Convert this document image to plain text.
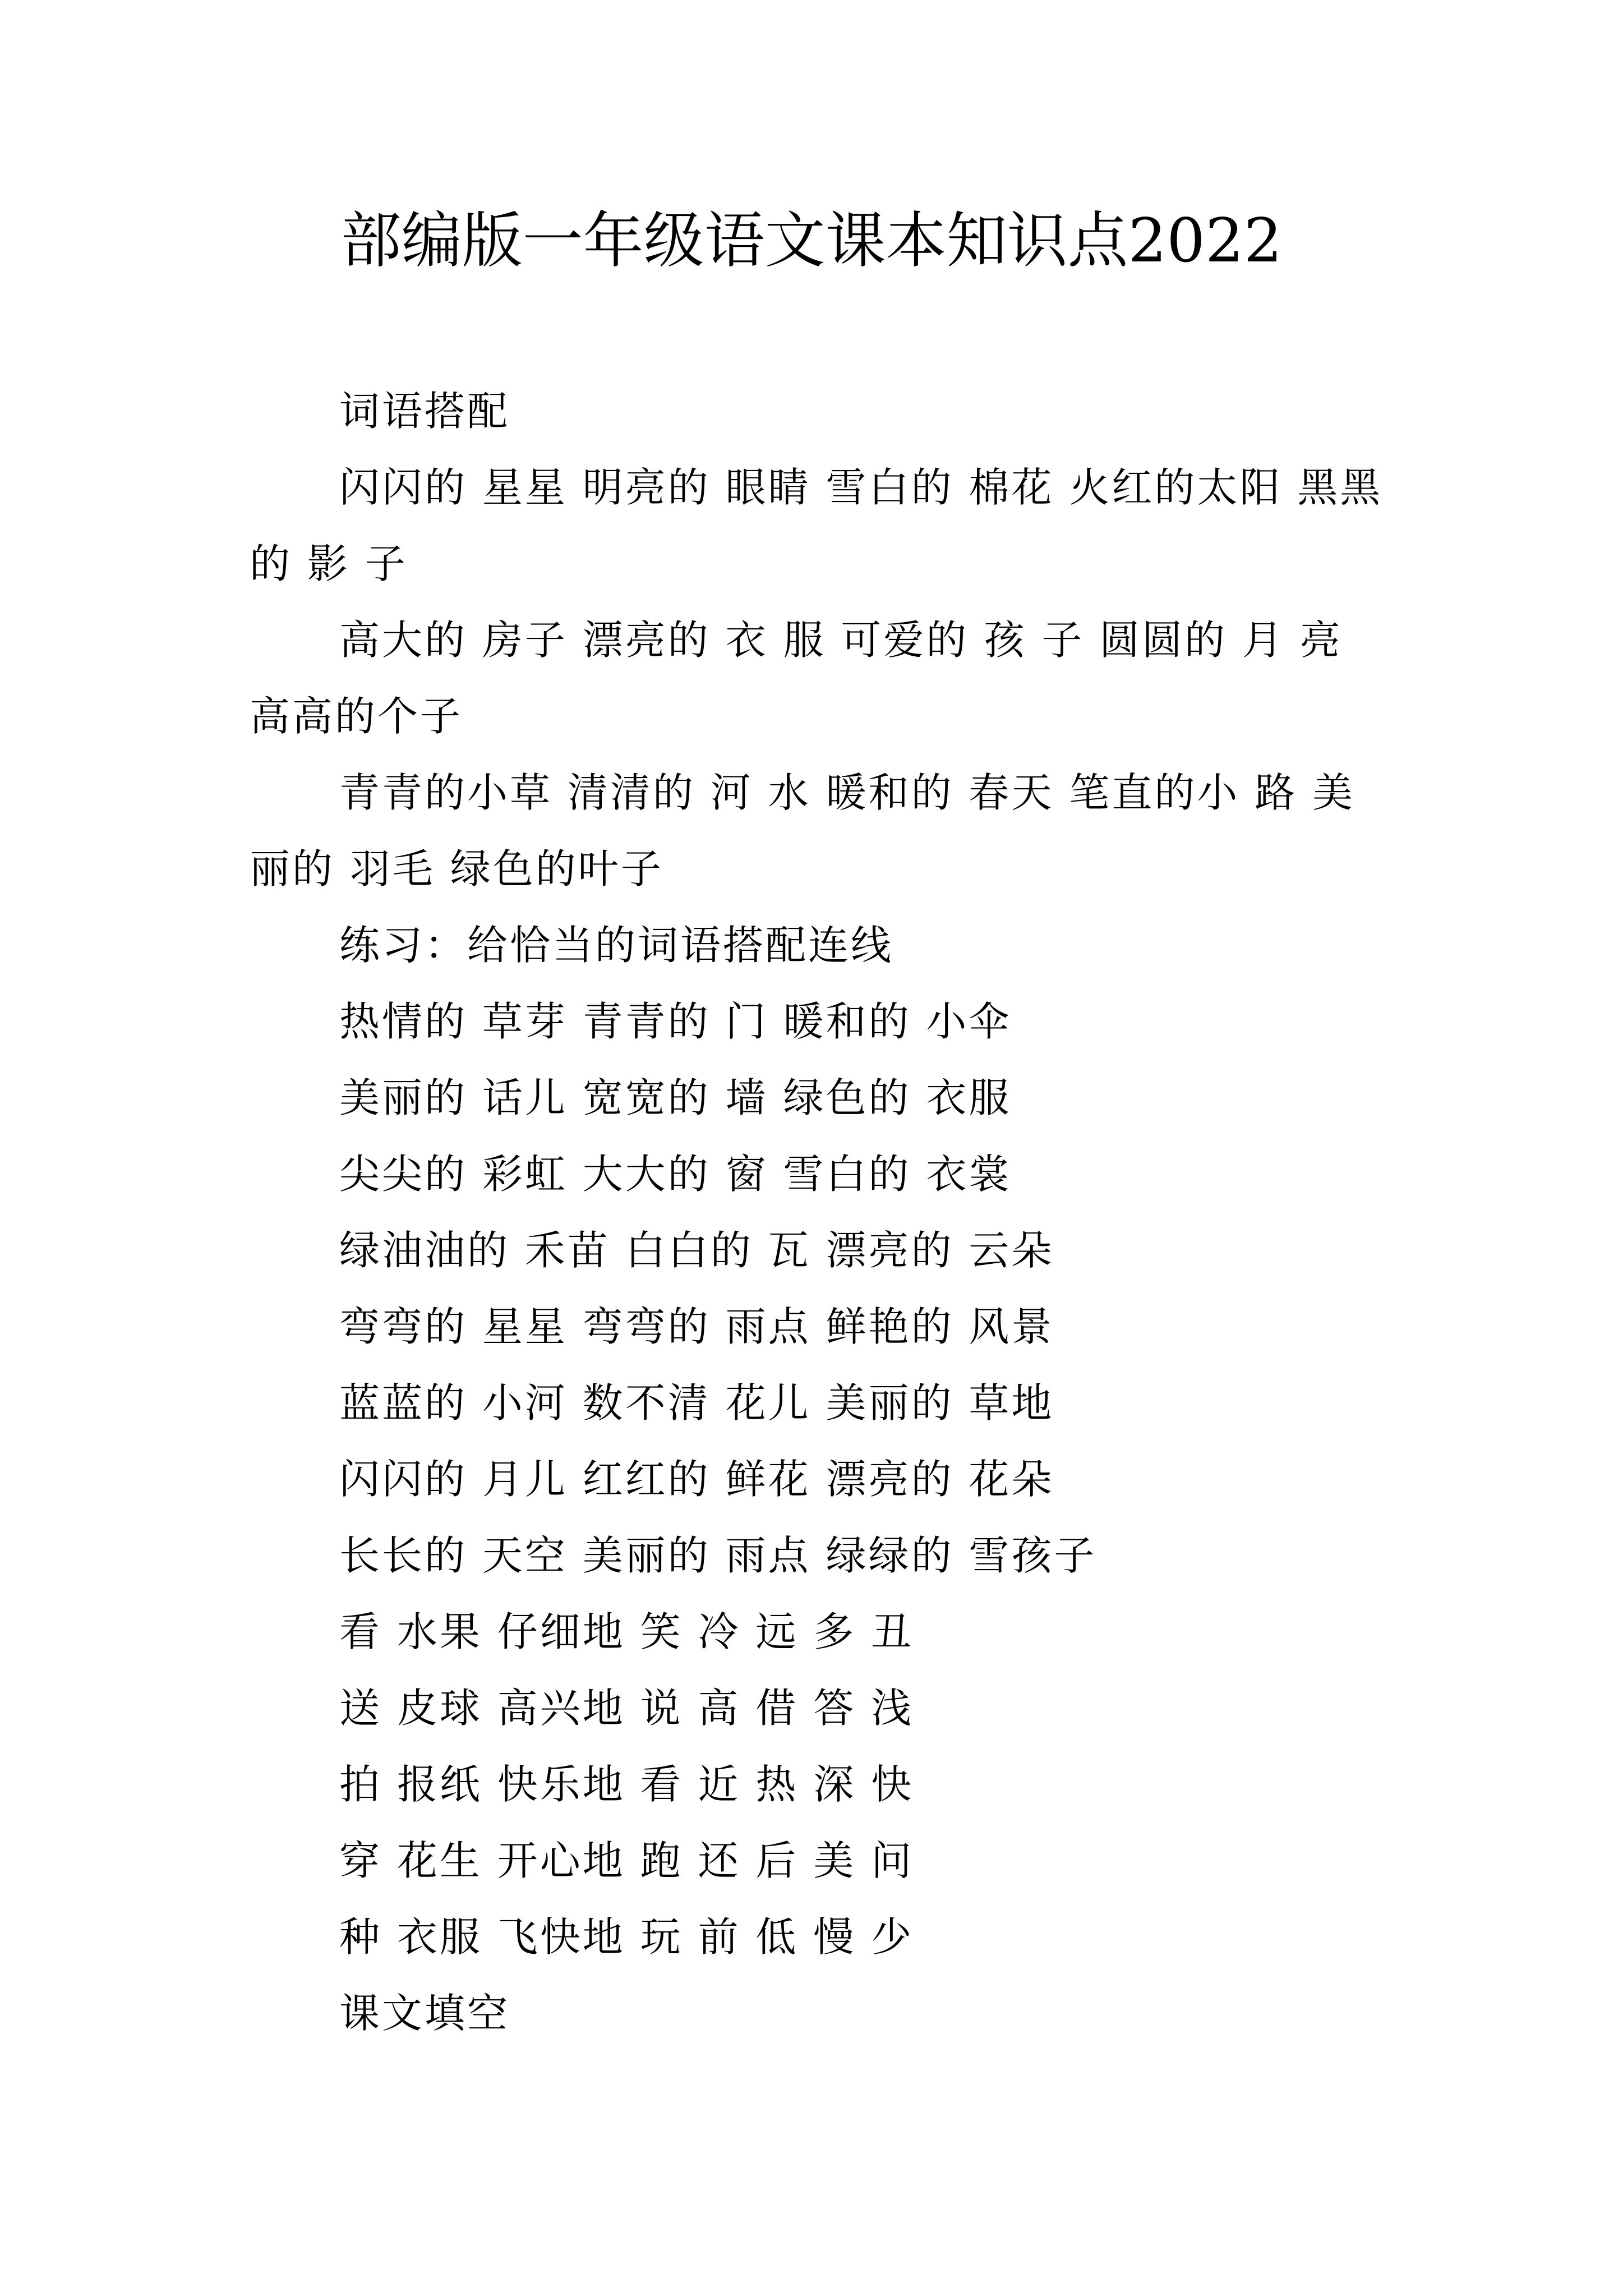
部编版一年级语文课本知识点2022

词语搭配

闪闪的 星星 明亮的 眼睛 雪白的 棉花 火红的太阳 黑黑的 影 子

高大的 房子 漂亮的 衣 服 可爱的 孩 子 圆圆的 月 亮 高高的个子

青青的小草 清清的 河 水 暖和的 春天 笔直的小 路 美丽的 羽毛 绿色的叶子

练习：给恰当的词语搭配连线

热情的 草芽 青青的 门 暖和的 小伞

美丽的 话儿 宽宽的 墙 绿色的 衣服

尖尖的 彩虹 大大的 窗 雪白的 衣裳

绿油油的 禾苗 白白的 瓦 漂亮的 云朵

弯弯的 星星 弯弯的 雨点 鲜艳的 风景

蓝蓝的 小河 数不清 花儿 美丽的 草地

闪闪的 月儿 红红的 鲜花 漂亮的 花朵

长长的 天空 美丽的 雨点 绿绿的 雪孩子

看 水果 仔细地 笑 冷 远 多 丑

送 皮球 高兴地 说 高 借 答 浅

拍 报纸 快乐地 看 近 热 深 快

穿 花生 开心地 跑 还 后 美 问

种 衣服 飞快地 玩 前 低 慢 少

课文填空
